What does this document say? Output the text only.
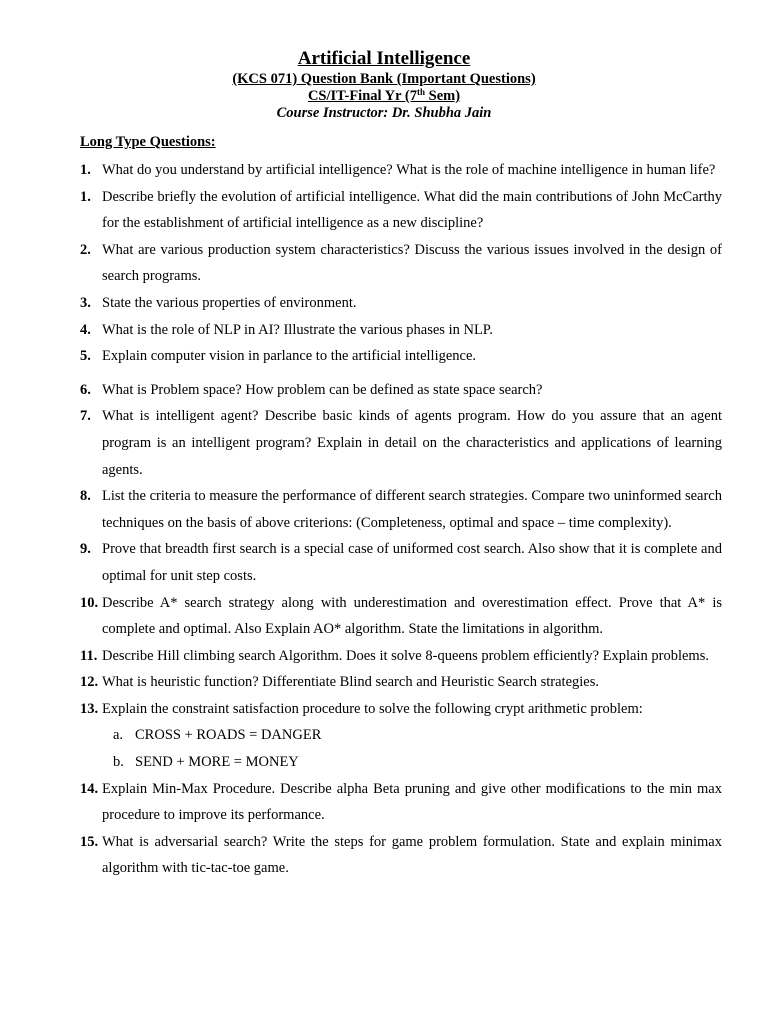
Artificial Intelligence
(KCS 071) Question Bank (Important Questions)
CS/IT-Final Yr (7th Sem)
Course Instructor: Dr. Shubha Jain
Long Type Questions:
1. What do you understand by artificial intelligence? What is the role of machine intelligence in human life?
1. Describe briefly the evolution of artificial intelligence. What did the main contributions of John McCarthy for the establishment of artificial intelligence as a new discipline?
2. What are various production system characteristics? Discuss the various issues involved in the design of search programs.
3. State the various properties of environment.
4. What is the role of NLP in AI? Illustrate the various phases in NLP.
5. Explain computer vision in parlance to the artificial intelligence.
6. What is Problem space? How problem can be defined as state space search?
7. What is intelligent agent? Describe basic kinds of agents program. How do you assure that an agent program is an intelligent program? Explain in detail on the characteristics and applications of learning agents.
8. List the criteria to measure the performance of different search strategies. Compare two uninformed search techniques on the basis of above criterions: (Completeness, optimal and space – time complexity).
9. Prove that breadth first search is a special case of uniformed cost search. Also show that it is complete and optimal for unit step costs.
10. Describe A* search strategy along with underestimation and overestimation effect. Prove that A* is complete and optimal. Also Explain AO* algorithm. State the limitations in algorithm.
11. Describe Hill climbing search Algorithm. Does it solve 8-queens problem efficiently? Explain problems.
12. What is heuristic function? Differentiate Blind search and Heuristic Search strategies.
13. Explain the constraint satisfaction procedure to solve the following crypt arithmetic problem:
a. CROSS + ROADS = DANGER
b. SEND + MORE = MONEY
14. Explain Min-Max Procedure. Describe alpha Beta pruning and give other modifications to the min max procedure to improve its performance.
15. What is adversarial search? Write the steps for game problem formulation. State and explain minimax algorithm with tic-tac-toe game.
